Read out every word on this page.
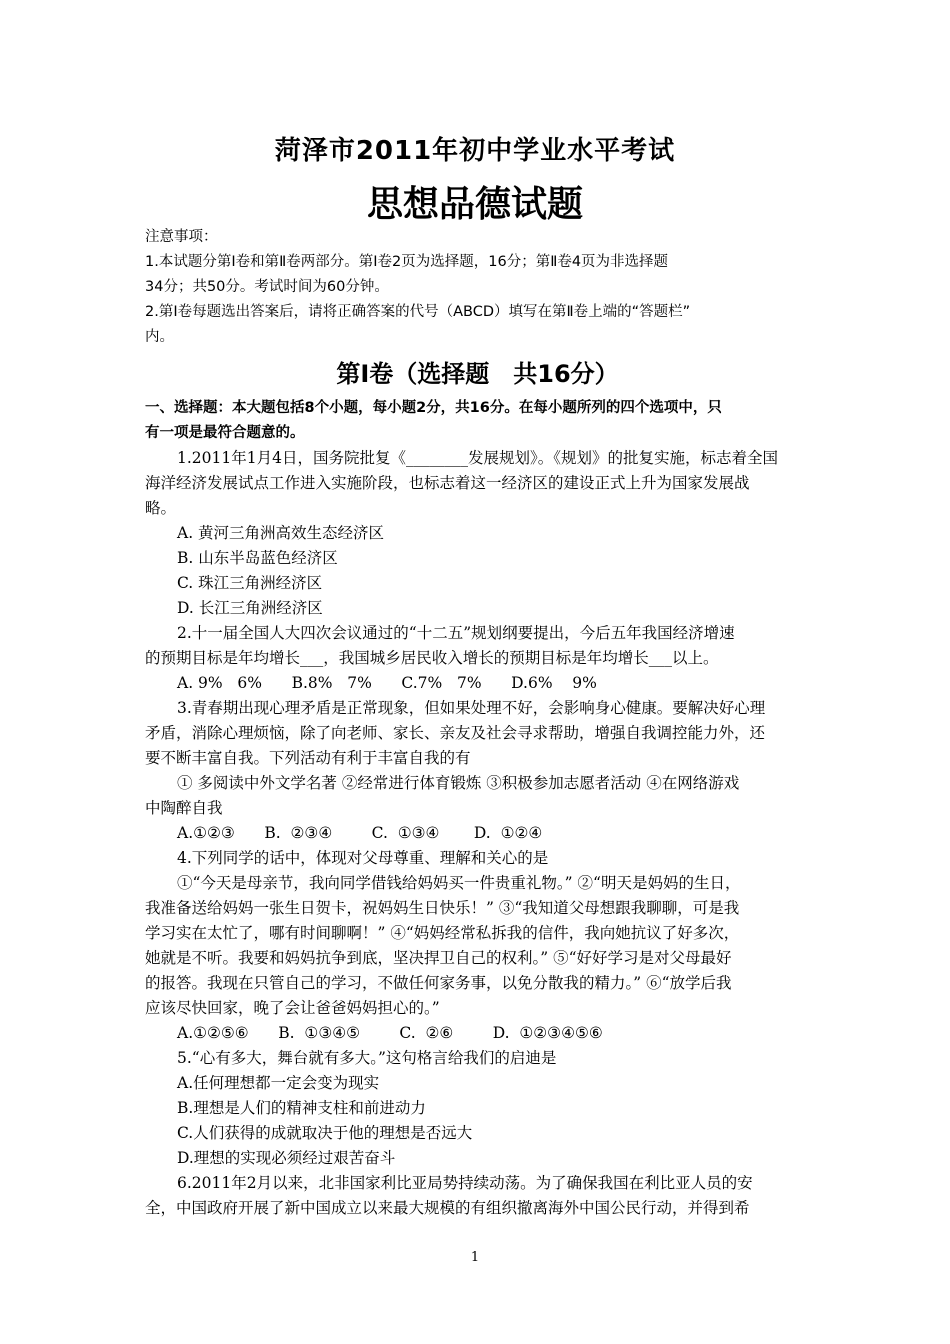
菏泽市2011年初中学业水平考试
思想品德试题
注意事项：
1.本试题分第Ⅰ卷和第Ⅱ卷两部分。第Ⅰ卷2页为选择题，16分；第Ⅱ卷4页为非选择题
34分；共50分。考试时间为60分钟。
2.第Ⅰ卷每题选出答案后，请将正确答案的代号（ABCD）填写在第Ⅱ卷上端的“答题栏”
内。
第Ⅰ卷（选择题　共16分）
一、选择题：本大题包括8个小题，每小题2分，共16分。在每小题所列的四个选项中，只
有一项是最符合题意的。
1.2011年1月4日，国务院批复《________发展规划》。《规划》的批复实施，标志着全国
海洋经济发展试点工作进入实施阶段，也标志着这一经济区的建设正式上升为国家发展战
略。
A. 黄河三角洲高效生态经济区
B. 山东半岛蓝色经济区
C. 珠江三角洲经济区
D. 长江三角洲经济区
2.十一届全国人大四次会议通过的“十二五”规划纲要提出，今后五年我国经济增速
的预期目标是年均增长___，我国城乡居民收入增长的预期目标是年均增长___以上。
A. 9%   6%      B.8%   7%      C.7%   7%      D.6%    9%
3.青春期出现心理矛盾是正常现象，但如果处理不好，会影响身心健康。要解决好心理
矛盾，消除心理烦恼，除了向老师、家长、亲友及社会寻求帮助，增强自我调控能力外，还
要不断丰富自我。下列活动有利于丰富自我的有
① 多阅读中外文学名著 ②经常进行体育锻炼 ③积极参加志愿者活动 ④在网络游戏
中陶醉自我
A.①②③      B.  ②③④        C.  ①③④       D.  ①②④
4.下列同学的话中，体现对父母尊重、理解和关心的是
①“今天是母亲节，我向同学借钱给妈妈买一件贵重礼物。” ②“明天是妈妈的生日，
我准备送给妈妈一张生日贺卡，祝妈妈生日快乐！” ③“我知道父母想跟我聊聊，可是我
学习实在太忙了，哪有时间聊啊！” ④“妈妈经常私拆我的信件，我向她抗议了好多次，
她就是不听。我要和妈妈抗争到底，坚决捍卫自己的权利。” ⑤“好好学习是对父母最好
的报答。我现在只管自己的学习，不做任何家务事，以免分散我的精力。” ⑥“放学后我
应该尽快回家，晚了会让爸爸妈妈担心的。”
A.①②⑤⑥      B.  ①③④⑤        C.  ②⑥        D.  ①②③④⑤⑥
5.“心有多大，舞台就有多大。”这句格言给我们的启迪是
A.任何理想都一定会变为现实
B.理想是人们的精神支柱和前进动力
C.人们获得的成就取决于他的理想是否远大
D.理想的实现必须经过艰苦奋斗
6.2011年2月以来，北非国家利比亚局势持续动荡。为了确保我国在利比亚人员的安
全，中国政府开展了新中国成立以来最大规模的有组织撤离海外中国公民行动，并得到希
1
